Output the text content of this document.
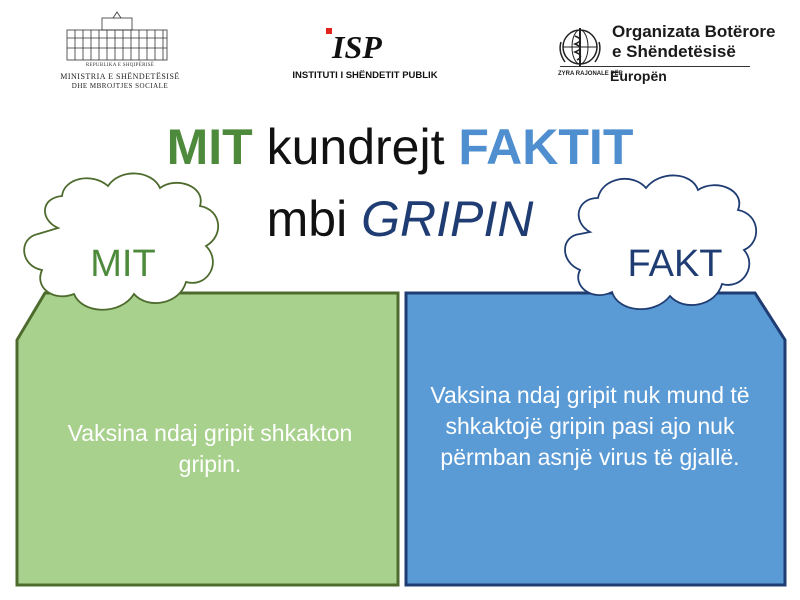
REPUBLIKA E SHQIPËRISË
MINISTRIA E SHËNDETËSISË
DHE MBROJTJES SOCIALE
ISP
INSTITUTI I SHËNDETIT PUBLIK
Organizata Botërore
e Shëndetësisë
ZYRA RAJONALE PËR
Europën
MIT kundrejt FAKTIT
mbi GRIPIN
MIT	FAKT
Vaksina ndaj gripit shkakton gripin.
Vaksina ndaj gripit nuk mund të shkaktojë gripin pasi ajo nuk përmban asnjë virus të gjallë.
